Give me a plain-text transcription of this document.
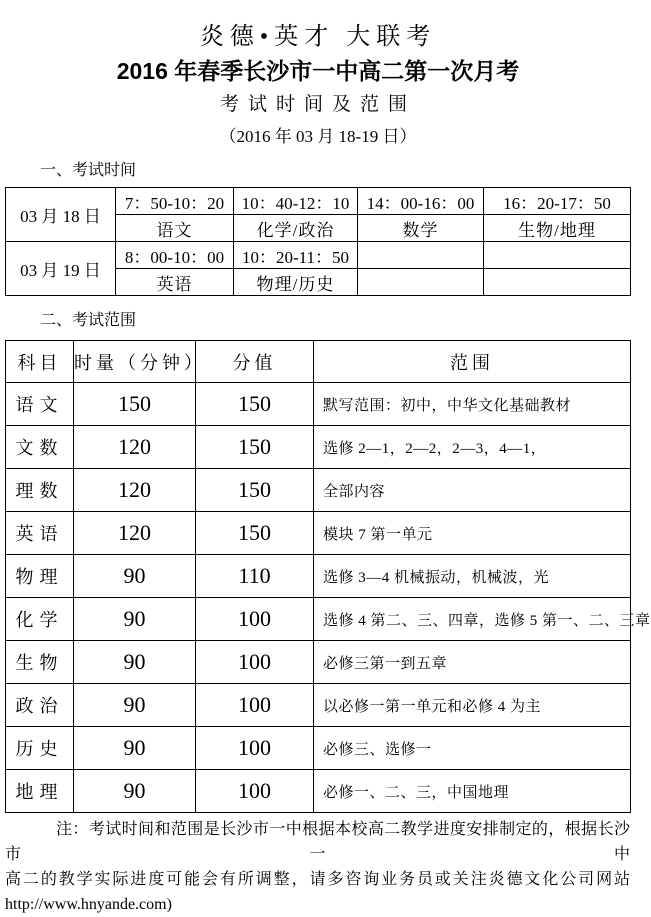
炎德•英才 大联考
2016 年春季长沙市一中高二第一次月考
考试时间及范围
（2016 年 03 月 18-19 日）
一、考试时间
03 月 18 日	7：50-10：20	10：40-12：10	14：00-16：00	16：20-17：50
	语文	化学/政治	数学	生物/地理
03 月 19 日	8：00-10：00	10：20-11：50		
	英语	物理/历史		
二、考试范围
科目	时量（分钟）	分值	范围
语文	150	150	默写范围：初中，中华文化基础教材
文数	120	150	选修 2—1，2—2，2—3，4—1，
理数	120	150	全部内容
英语	120	150	模块 7 第一单元
物理	90	110	选修 3—4 机械振动，机械波，光
化学	90	100	选修 4 第二、三、四章，选修 5 第一、二、三章
生物	90	100	必修三第一到五章
政治	90	100	以必修一第一单元和必修 4 为主
历史	90	100	必修三、选修一
地理	90	100	必修一、二、三，中国地理
注：考试时间和范围是长沙市一中根据本校高二教学进度安排制定的，根据长沙市一中
高二的教学实际进度可能会有所调整，请多咨询业务员或关注炎德文化公司网站
http://www.hnyande.com)
